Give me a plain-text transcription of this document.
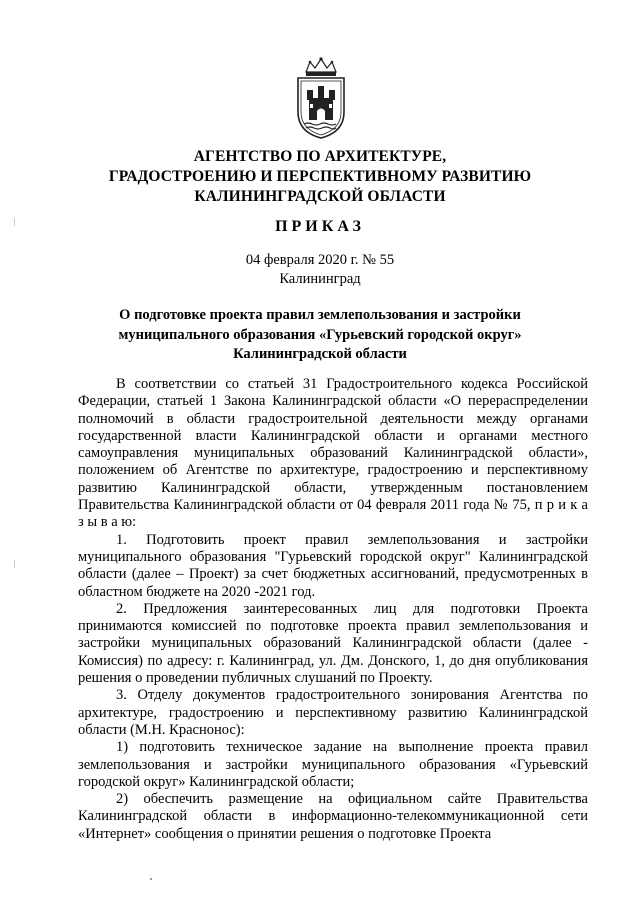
АГЕНТСТВО ПО АРХИТЕКТУРЕ,
ГРАДОСТРОЕНИЮ И ПЕРСПЕКТИВНОМУ РАЗВИТИЮ
КАЛИНИНГРАДСКОЙ ОБЛАСТИ
ПРИКАЗ
04 февраля 2020 г. № 55
Калининград
О подготовке проекта правил землепользования и застройки
муниципального образования «Гурьевский городской округ»
Калининградской области

В соответствии со статьей 31 Градостроительного кодекса Российской Федерации, статьей 1 Закона Калининградской области «О перераспределении полномочий в области градостроительной деятельности между органами государственной власти Калининградской области и органами местного самоуправления муниципальных образований Калининградской области», положением об Агентстве по архитектуре, градостроению и перспективному развитию Калининградской области, утвержденным постановлением Правительства Калининградской области от 04 февраля 2011 года № 75, п р и к а з ы в а ю:

1. Подготовить проект правил землепользования и застройки муниципального образования "Гурьевский городской округ" Калининградской области (далее – Проект) за счет бюджетных ассигнований, предусмотренных в областном бюджете на 2020 -2021 год.

2. Предложения заинтересованных лиц для подготовки Проекта принимаются комиссией по подготовке проекта правил землепользования и застройки муниципальных образований Калининградской области (далее - Комиссия) по адресу: г. Калининград, ул. Дм. Донского, 1, до дня опубликования решения о проведении публичных слушаний по Проекту.

3. Отделу документов градостроительного зонирования Агентства по архитектуре, градостроению и перспективному развитию Калининградской области (М.Н. Краснонос):

1) подготовить техническое задание на выполнение проекта правил землепользования и застройки муниципального образования «Гурьевский городской округ» Калининградской области;

2) обеспечить размещение на официальном сайте Правительства Калининградской области в информационно-телекоммуникационной сети «Интернет» сообщения о принятии решения о подготовке Проекта
